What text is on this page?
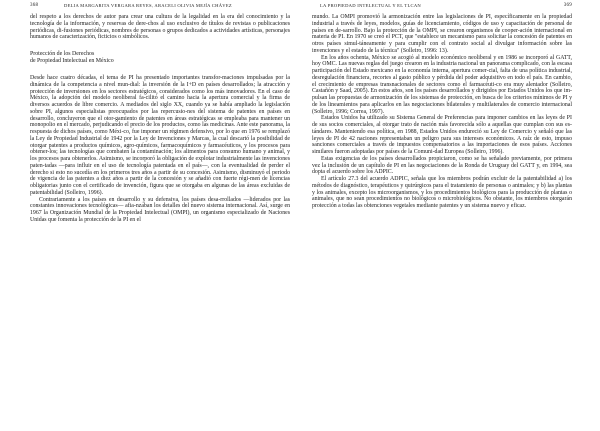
368	DELIA MARGARITA VERGARA REYES, ARACELI OLIVIA MEJÍA CHÁVEZ

del respeto a los derechos de autor para crear una cultura de la legalidad en la era del conocimiento y la tecnología de la información, y reservas de dere-chos al uso exclusivo de títulos de revistas o publicaciones periódicas, di-fusiones periódicas, nombres de personas o grupos dedicados a actividades artísticas, personajes humanos de caracterización, ficticios o simbólicos.

Protección de los Derechos
de Propiedad Intelectual en México

Desde hace cuatro décadas, el tema de PI ha presentado importantes transfor-maciones impulsadas por la dinámica de la competencia a nivel mun-dial: la inversión de la I+D en países desarrollados; la atracción y protección de inversiones en los sectores estratégicos, considerados como los más innovadores. En el caso de México, la adopción del modelo neoliberal fa-cilitó el camino hacia la apertura comercial y la firma de diversos acuerdos de libre comercio. A mediados del siglo XX, cuando ya se había ampliado la legislación sobre PI, algunos especialistas preocupados por las repercusio-nes del sistema de patentes en países en desarrollo, concluyeron que el otor-gamiento de patentes en áreas estratégicas se empleaba para mantener un monopolio en el mercado, perjudicando el precio de los productos, como las medicinas. Ante este panorama, la respuesta de dichos países, como Méxi-co, fue imponer un régimen defensivo, por lo que en 1976 se remplazó la Ley de Propiedad Industrial de 1942 por la Ley de Invenciones y Marcas, la cual descartó la posibilidad de otorgar patentes a productos químicos, agro-químicos, farmacoquímicos y farmacéuticos, y los procesos para obtener-los; las tecnologías que combaten la contaminación; los alimentos para consumo humano y animal, y los procesos para obtenerlos. Asimismo, se incorporó la obligación de explotar industrialmente las invenciones paten-tadas —para influir en el uso de tecnología patentada en el país—, con la eventualidad de perder el derecho si esto no sucedía en los primeros tres años a partir de su concesión. Asimismo, disminuyó el periodo de vigencia de las patentes a diez años a partir de la concesión y se añadió con fuerte régi-men de licencias obligatorias junto con el certificado de invención, figura que se otorgaba en algunas de las áreas excluidas de patentabilidad (Solleiro, 1996).

Contrariamente a los países en desarrollo y su defensiva, los países desa-rrollados —liderados por las constantes innovaciones tecnológicas— afia-nzaban los detalles del nuevo sistema internacional. Así, surge en 1967 la Organización Mundial de la Propiedad Intelectual (OMPI), un organismo especializado de Naciones Unidas que fomenta la protección de la PI en el

LA PROPIEDAD INTELECTUAL Y EL TLCAN	369

mundo. La OMPI promovió la armonización entre las legislaciones de PI, específicamente en la propiedad industrial a través de leyes, modelos, guías de licenciamiento, códigos de uso y capacitación de personal de países en de-sarrollo. Bajo la protección de la OMPI, se crearon organismos de cooper-ación internacional en materia de PI. En 1970 se creó el PCT, que "establece un mecanismo para solicitar la concesión de patentes en otros países simul-táneamente y para cumplir con el contrato social al divulgar información sobre las invenciones y el estado de la técnica" (Solleiro, 1996: 13).

En los años ochenta, México se acogió al modelo económico neoliberal y en 1986 se incorporó al GATT, hoy OMC. Las nuevas reglas del juego crearon en la industria nacional un panorama complicado, con la escasa participación del Estado mexicano en la economía interna, apertura comer-cial, falta de una política industrial, desregulación financiera, recortes al gasto público y pérdida del poder adquisitivo en todo el país. En cambio, el crecimiento de empresas transnacionales de sectores como el farmacéuti-co era muy alentador (Solleiro, Castañón y Saad, 2005). En estos años, son los países desarrollados y dirigidos por Estados Unidos los que im-pulsan las propuestas de armonización de los sistemas de protección, en busca de los criterios mínimos de PI y de los lineamientos para aplicarlos en las negociaciones bilaterales y multilaterales de comercio internacional (Solleiro, 1996; Correa, 1997).

Estados Unidos ha utilizado su Sistema General de Preferencias para imponer cambios en las leyes de PI de sus socios comerciales, al otorgar trato de nación más favorecida sólo a aquellas que cumplan con sus es-tándares. Manteniendo esa política, en 1988, Estados Unidos endureció su Ley de Comercio y señaló que las leyes de PI de 42 naciones representaban un peligro para sus intereses económicos. A raíz de esto, impuso sanciones comerciales a través de impuestos compensatorios a las importaciones de esos países. Acciones similares fueron adoptadas por países de la Comuni-dad Europea (Solleiro, 1996).

Estas exigencias de los países desarrollados propiciaron, como se ha señalado previamente, por primera vez la inclusión de un capítulo de PI en las negociaciones de la Ronda de Uruguay del GATT y, en 1994, sea dopta el acuerdo sobre los ADPIC.

El artículo 27.3 del acuerdo ADPIC, señala que los miembros podrán excluir de la patentabilidad a) los métodos de diagnóstico, terapéuticos y quirúrgicos para el tratamiento de personas o animales; y b) las plantas y los animales, excepto los microorganismos, y los procedimientos biológicos para la producción de plantas o animales, que no sean procedimientos no biológicos o microbiológicos. No obstante, los miembros otorgarán protección a todas las obtenciones vegetales mediante patentes y un sistema nuevo y eficaz.
